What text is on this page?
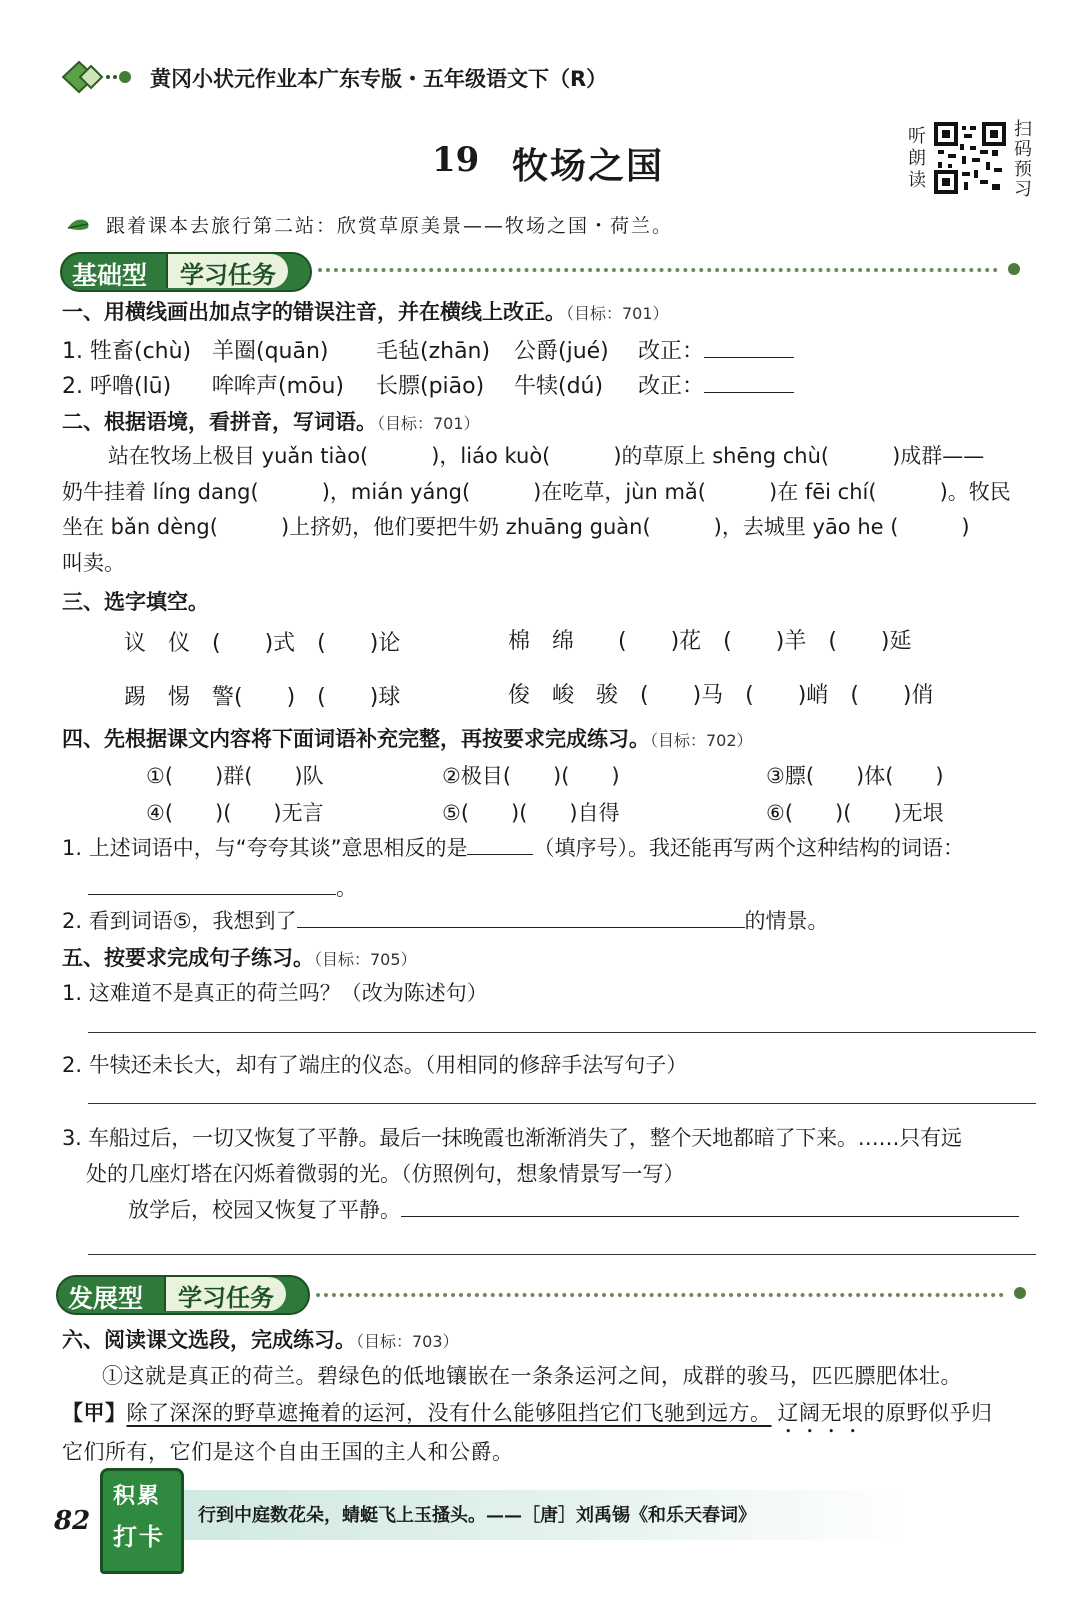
黄冈小状元作业本广东专版・五年级语文下（R）
19 牧场之国
听朗读
扫码预习
跟着课本去旅行第二站：欣赏草原美景——牧场之国・荷兰。
基础型	学习任务
一、用横线画出加点字的错误注音，并在横线上改正。（目标：701）
1. 牲畜(chù) 羊圈(quān) 毛毡(zhān) 公爵(jué) 改正：
2. 呼噜(lū) 哞哞声(mōu) 长膘(piāo) 牛犊(dú) 改正：
二、根据语境，看拼音，写词语。（目标：701）
站在牧场上极目 yuǎn tiào(　　　)，liáo kuò(　　　)的草原上 shēng chù(　　　)成群——
奶牛挂着 líng dang(　　　)，mián yáng(　　　)在吃草，jùn mǎ(　　　)在 fēi chí(　　　)。牧民
坐在 bǎn dèng(　　　)上挤奶，他们要把牛奶 zhuāng guàn(　　　)，去城里 yāo he (　　　)
叫卖。
三、选字填空。
议　仪　(　　)式　(　　)论	棉　绵　　(　　)花　(　　)羊　(　　)延
踢　惕　警(　　)　(　　)球	俊　峻　骏　(　　)马　(　　)峭　(　　)俏
四、先根据课文内容将下面词语补充完整，再按要求完成练习。（目标：702）
①(　　)群(　　)队	②极目(　　)(　　)	③膘(　　)体(　　)
④(　　)(　　)无言	⑤(　　)(　　)自得	⑥(　　)(　　)无垠
1. 上述词语中，与“夸夸其谈”意思相反的是	（填序号）。我还能再写两个这种结构的词语：
。
2. 看到词语⑤，我想到了	的情景。
五、按要求完成句子练习。（目标：705）
1. 这难道不是真正的荷兰吗？（改为陈述句）
2. 牛犊还未长大，却有了端庄的仪态。（用相同的修辞手法写句子）
3. 车船过后，一切又恢复了平静。最后一抹晚霞也渐渐消失了，整个天地都暗了下来。……只有远
处的几座灯塔在闪烁着微弱的光。（仿照例句，想象情景写一写）
放学后，校园又恢复了平静。
发展型	学习任务
六、阅读课文选段，完成练习。（目标：703）
①这就是真正的荷兰。碧绿色的低地镶嵌在一条条运河之间，成群的骏马，匹匹膘肥体壮。
【甲】除了深深的野草遮掩着的运河，没有什么能够阻挡它们飞驰到远方。 辽阔无垠的原野似乎归
它们所有，它们是这个自由王国的主人和公爵。
82
积累
打卡
行到中庭数花朵，蜻蜓飞上玉搔头。——［唐］刘禹锡《和乐天春词》
